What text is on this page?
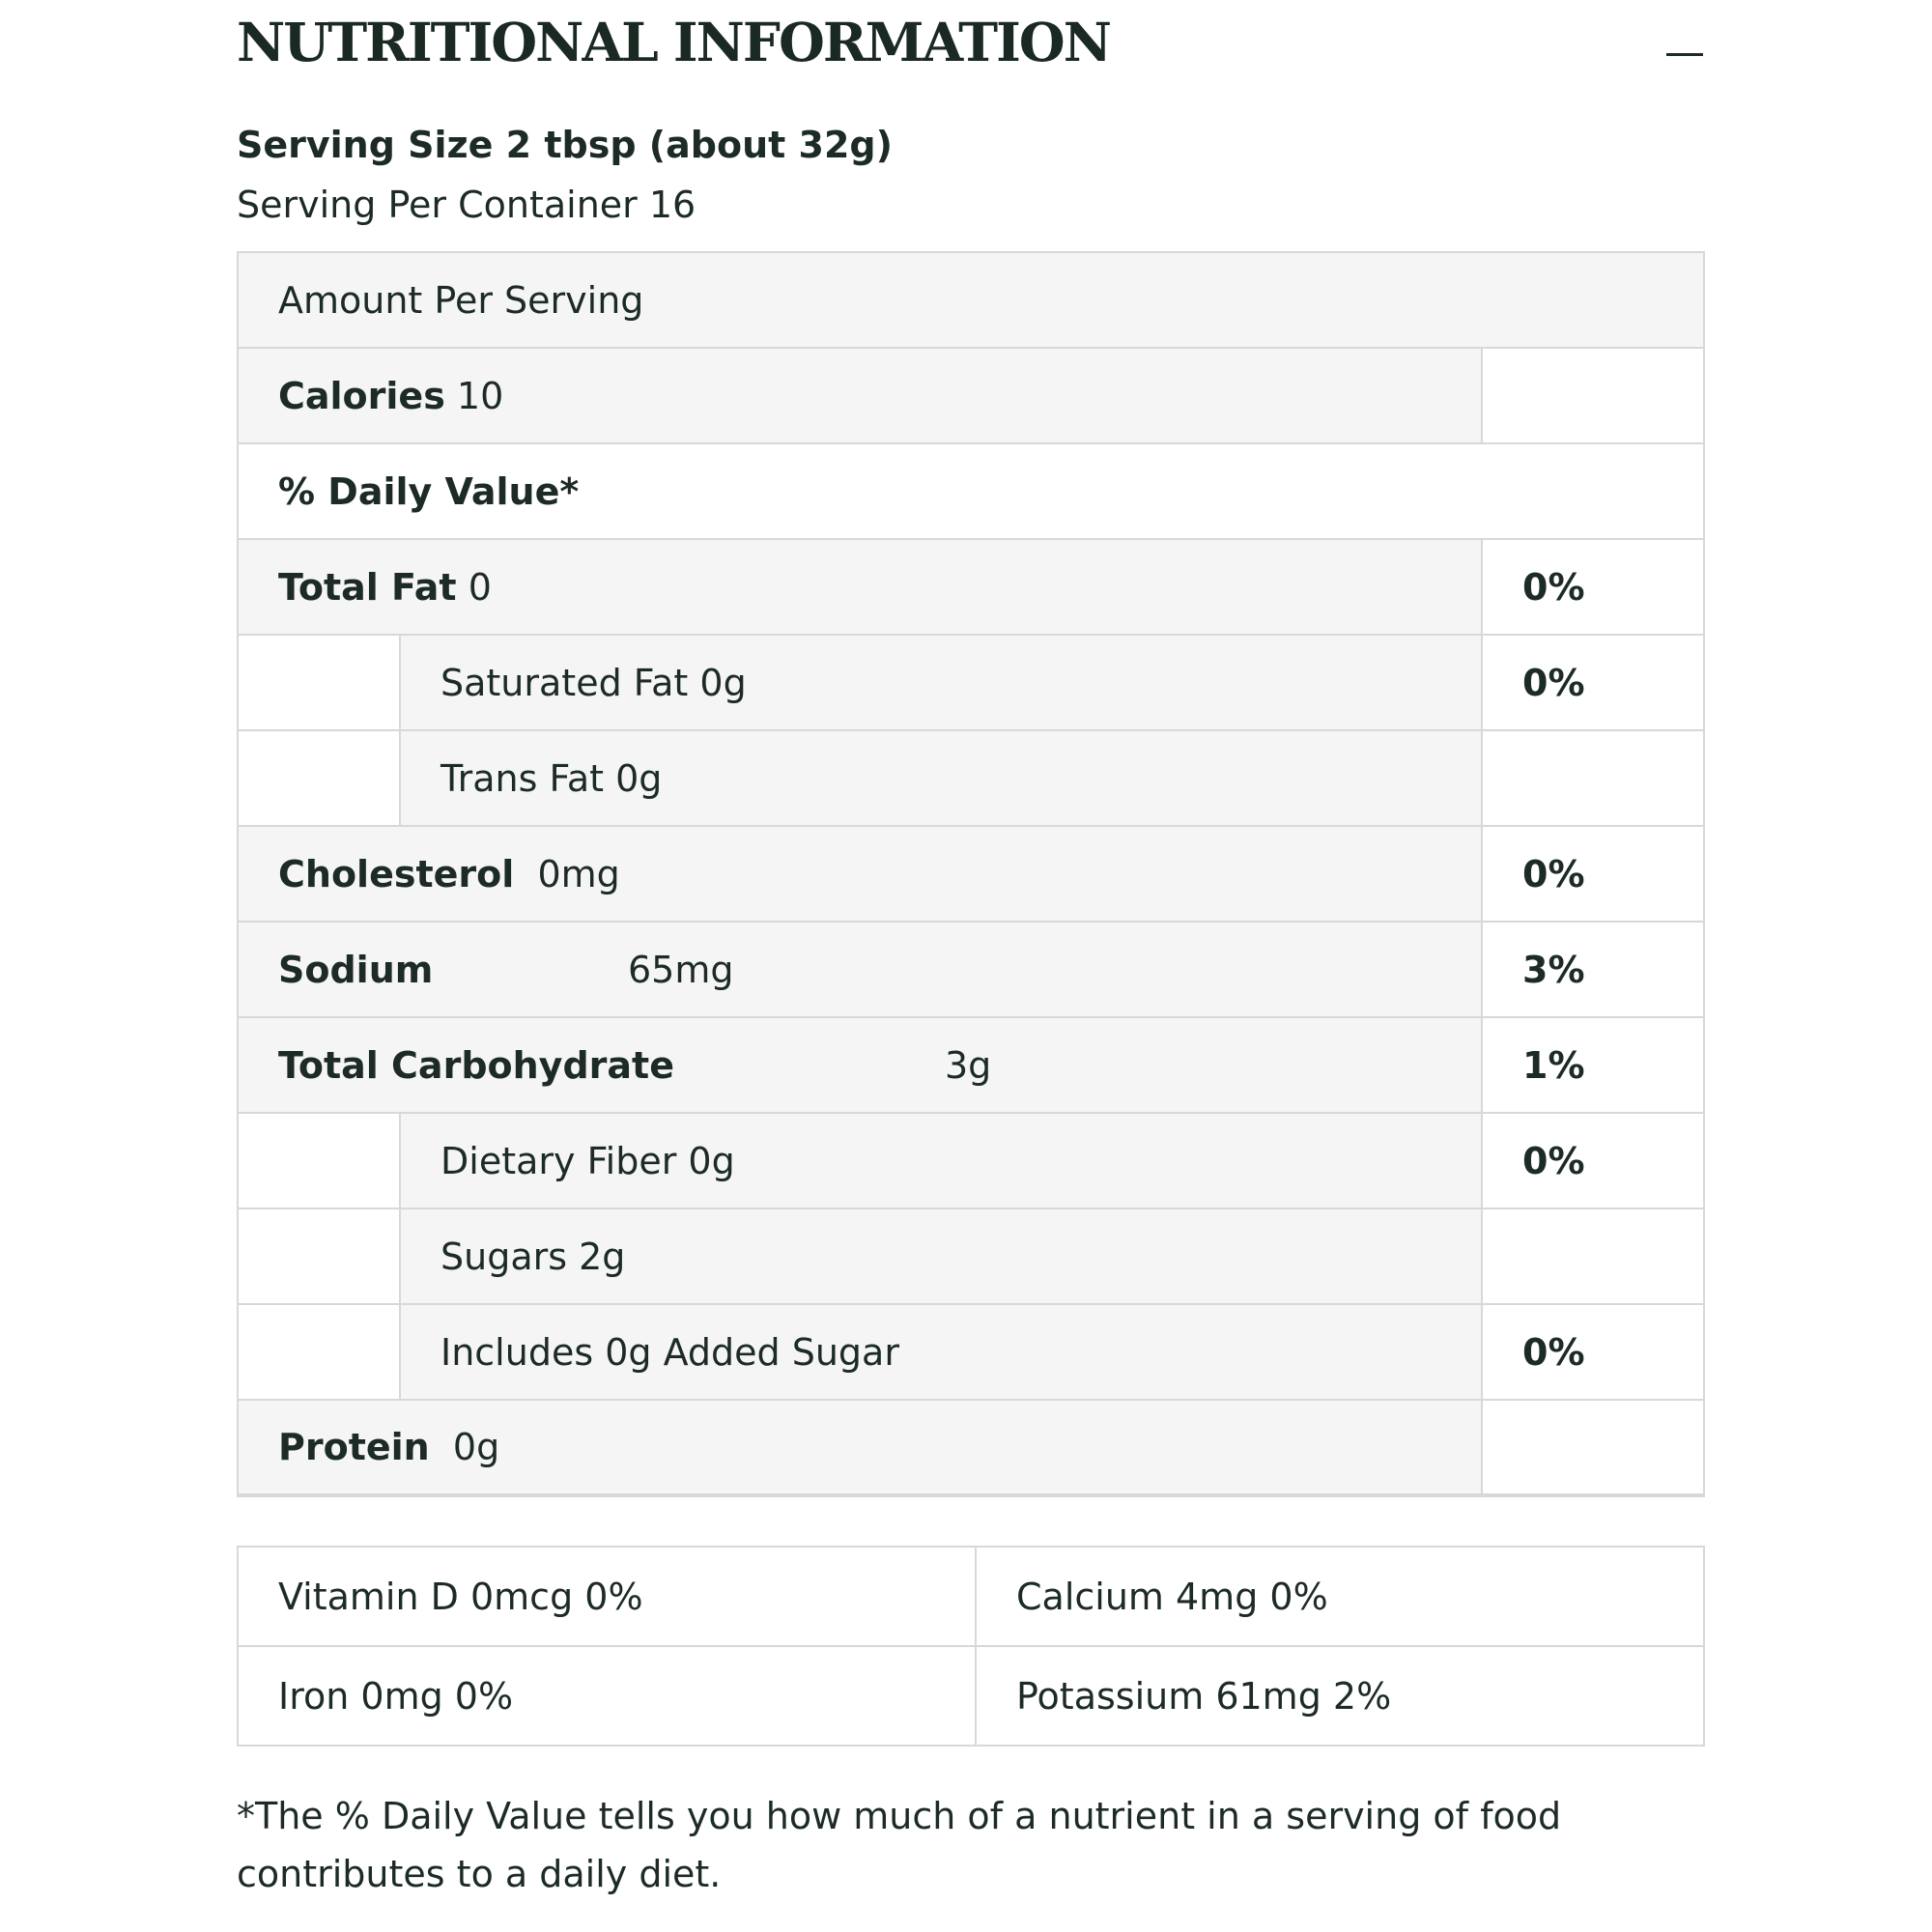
NUTRITIONAL INFORMATION

Serving Size 2 tbsp (about 32g)

Serving Per Container 16

Amount Per Serving		
Calories 10		
% Daily Value*		
Total Fat 0		0%
	Saturated Fat 0g	0%
	Trans Fat 0g	
Cholesterol 0mg		0%
Sodium 65mg		3%
Total Carbohydrate 3g		1%
	Dietary Fiber 0g	0%
	Sugars 2g	
	Includes 0g Added Sugar	0%
Protein 0g		
Vitamin D 0mcg 0%	Calcium 4mg 0%
Iron 0mg 0%	Potassium 61mg 2%

*The % Daily Value tells you how much of a nutrient in a serving of food contributes to a daily diet.
